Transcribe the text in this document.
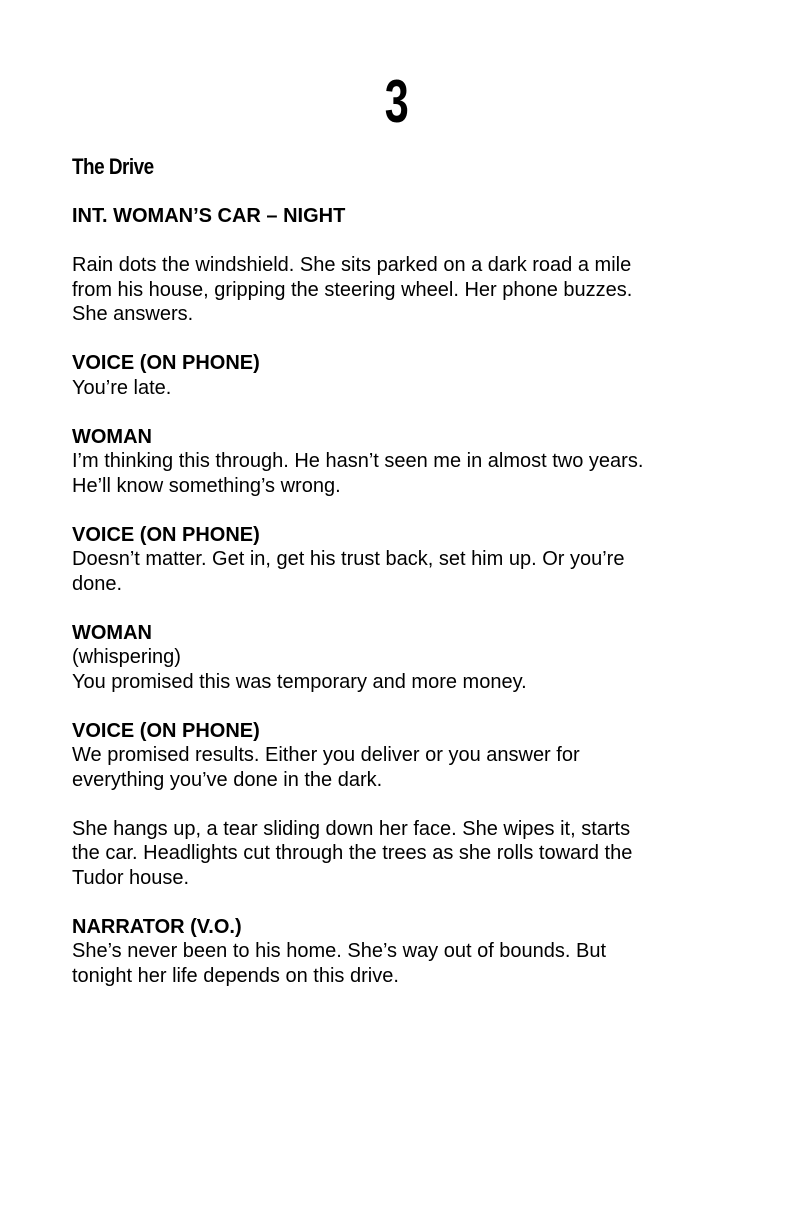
3
The Drive
INT. WOMAN’S CAR – NIGHT
Rain dots the windshield. She sits parked on a dark road a mile
from his house, gripping the steering wheel. Her phone buzzes.
She answers.
VOICE (ON PHONE)
You’re late.
WOMAN
I’m thinking this through. He hasn’t seen me in almost two years.
He’ll know something’s wrong.
VOICE (ON PHONE)
Doesn’t matter. Get in, get his trust back, set him up. Or you’re
done.
WOMAN
(whispering)
You promised this was temporary and more money.
VOICE (ON PHONE)
We promised results. Either you deliver or you answer for
everything you’ve done in the dark.
She hangs up, a tear sliding down her face. She wipes it, starts
the car. Headlights cut through the trees as she rolls toward the
Tudor house.
NARRATOR (V.O.)
She’s never been to his home. She’s way out of bounds. But
tonight her life depends on this drive.
